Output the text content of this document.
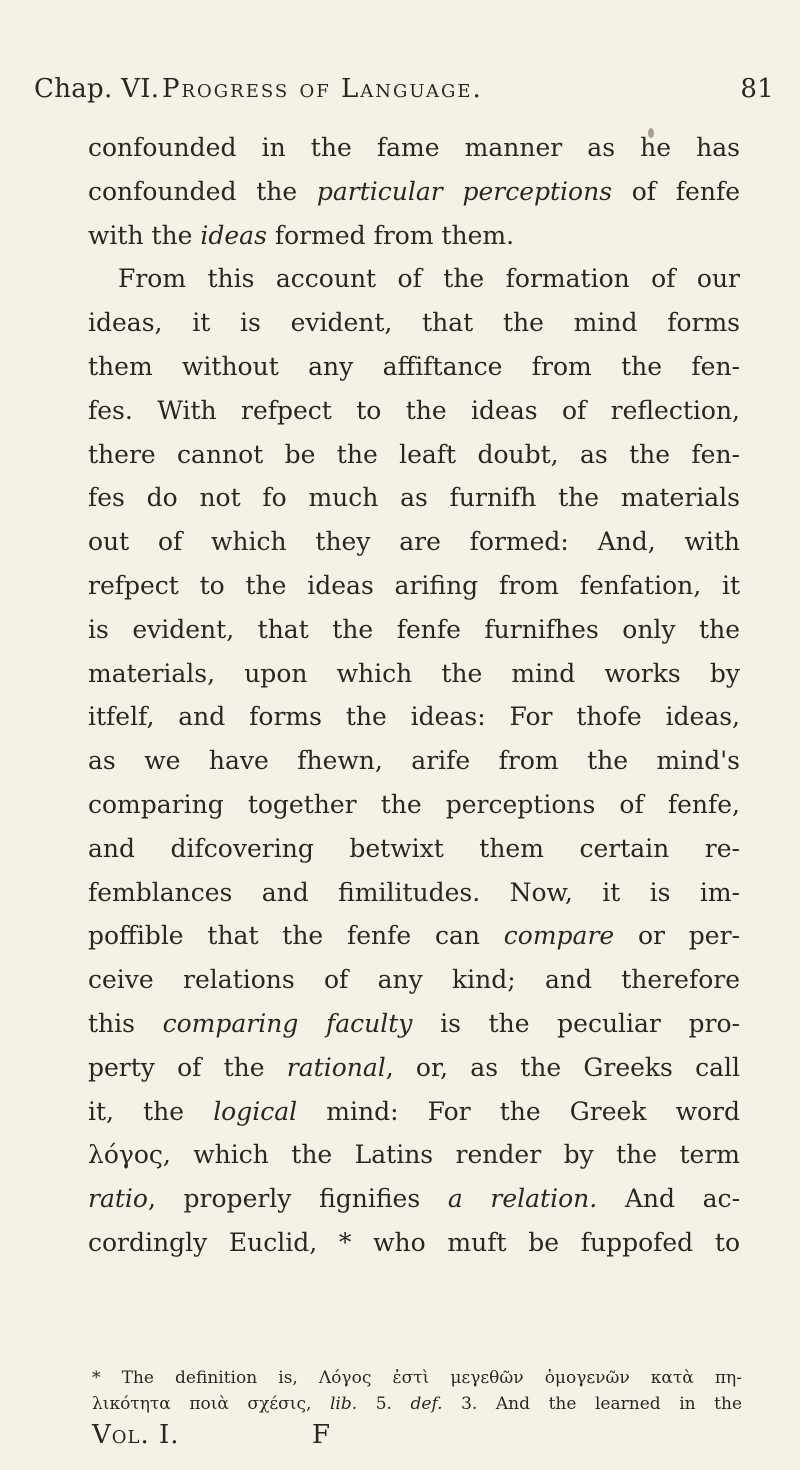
Chap. VI. Progress of Language.	81
confounded in the fame manner as he has
confounded the particular perceptions of fenfe
with the ideas formed from them.
From this account of the formation of our
ideas, it is evident, that the mind forms
them without any affiftance from the fen-
fes. With refpect to the ideas of reflection,
there cannot be the leaft doubt, as the fen-
fes do not fo much as furnifh the materials
out of which they are formed: And, with
refpect to the ideas arifing from fenfation, it
is evident, that the fenfe furnifhes only the
materials, upon which the mind works by
itfelf, and forms the ideas: For thofe ideas,
as we have fhewn, arife from the mind's
comparing together the perceptions of fenfe,
and difcovering betwixt them certain re-
femblances and fimilitudes. Now, it is im-
poffible that the fenfe can compare or per-
ceive relations of any kind; and therefore
this comparing faculty is the peculiar pro-
perty of the rational, or, as the Greeks call
it, the logical mind: For the Greek word
λόγος, which the Latins render by the term
ratio, properly fignifies a relation. And ac-
cordingly Euclid, * who muft be fuppofed to
* The definition is, Λόγος ἐστὶ μεγεθῶν ὁμογενῶν κατὰ πη-
λικότητα ποιὰ σχέσις, lib. 5. def. 3. And the learned in the
Vol. I.	F
